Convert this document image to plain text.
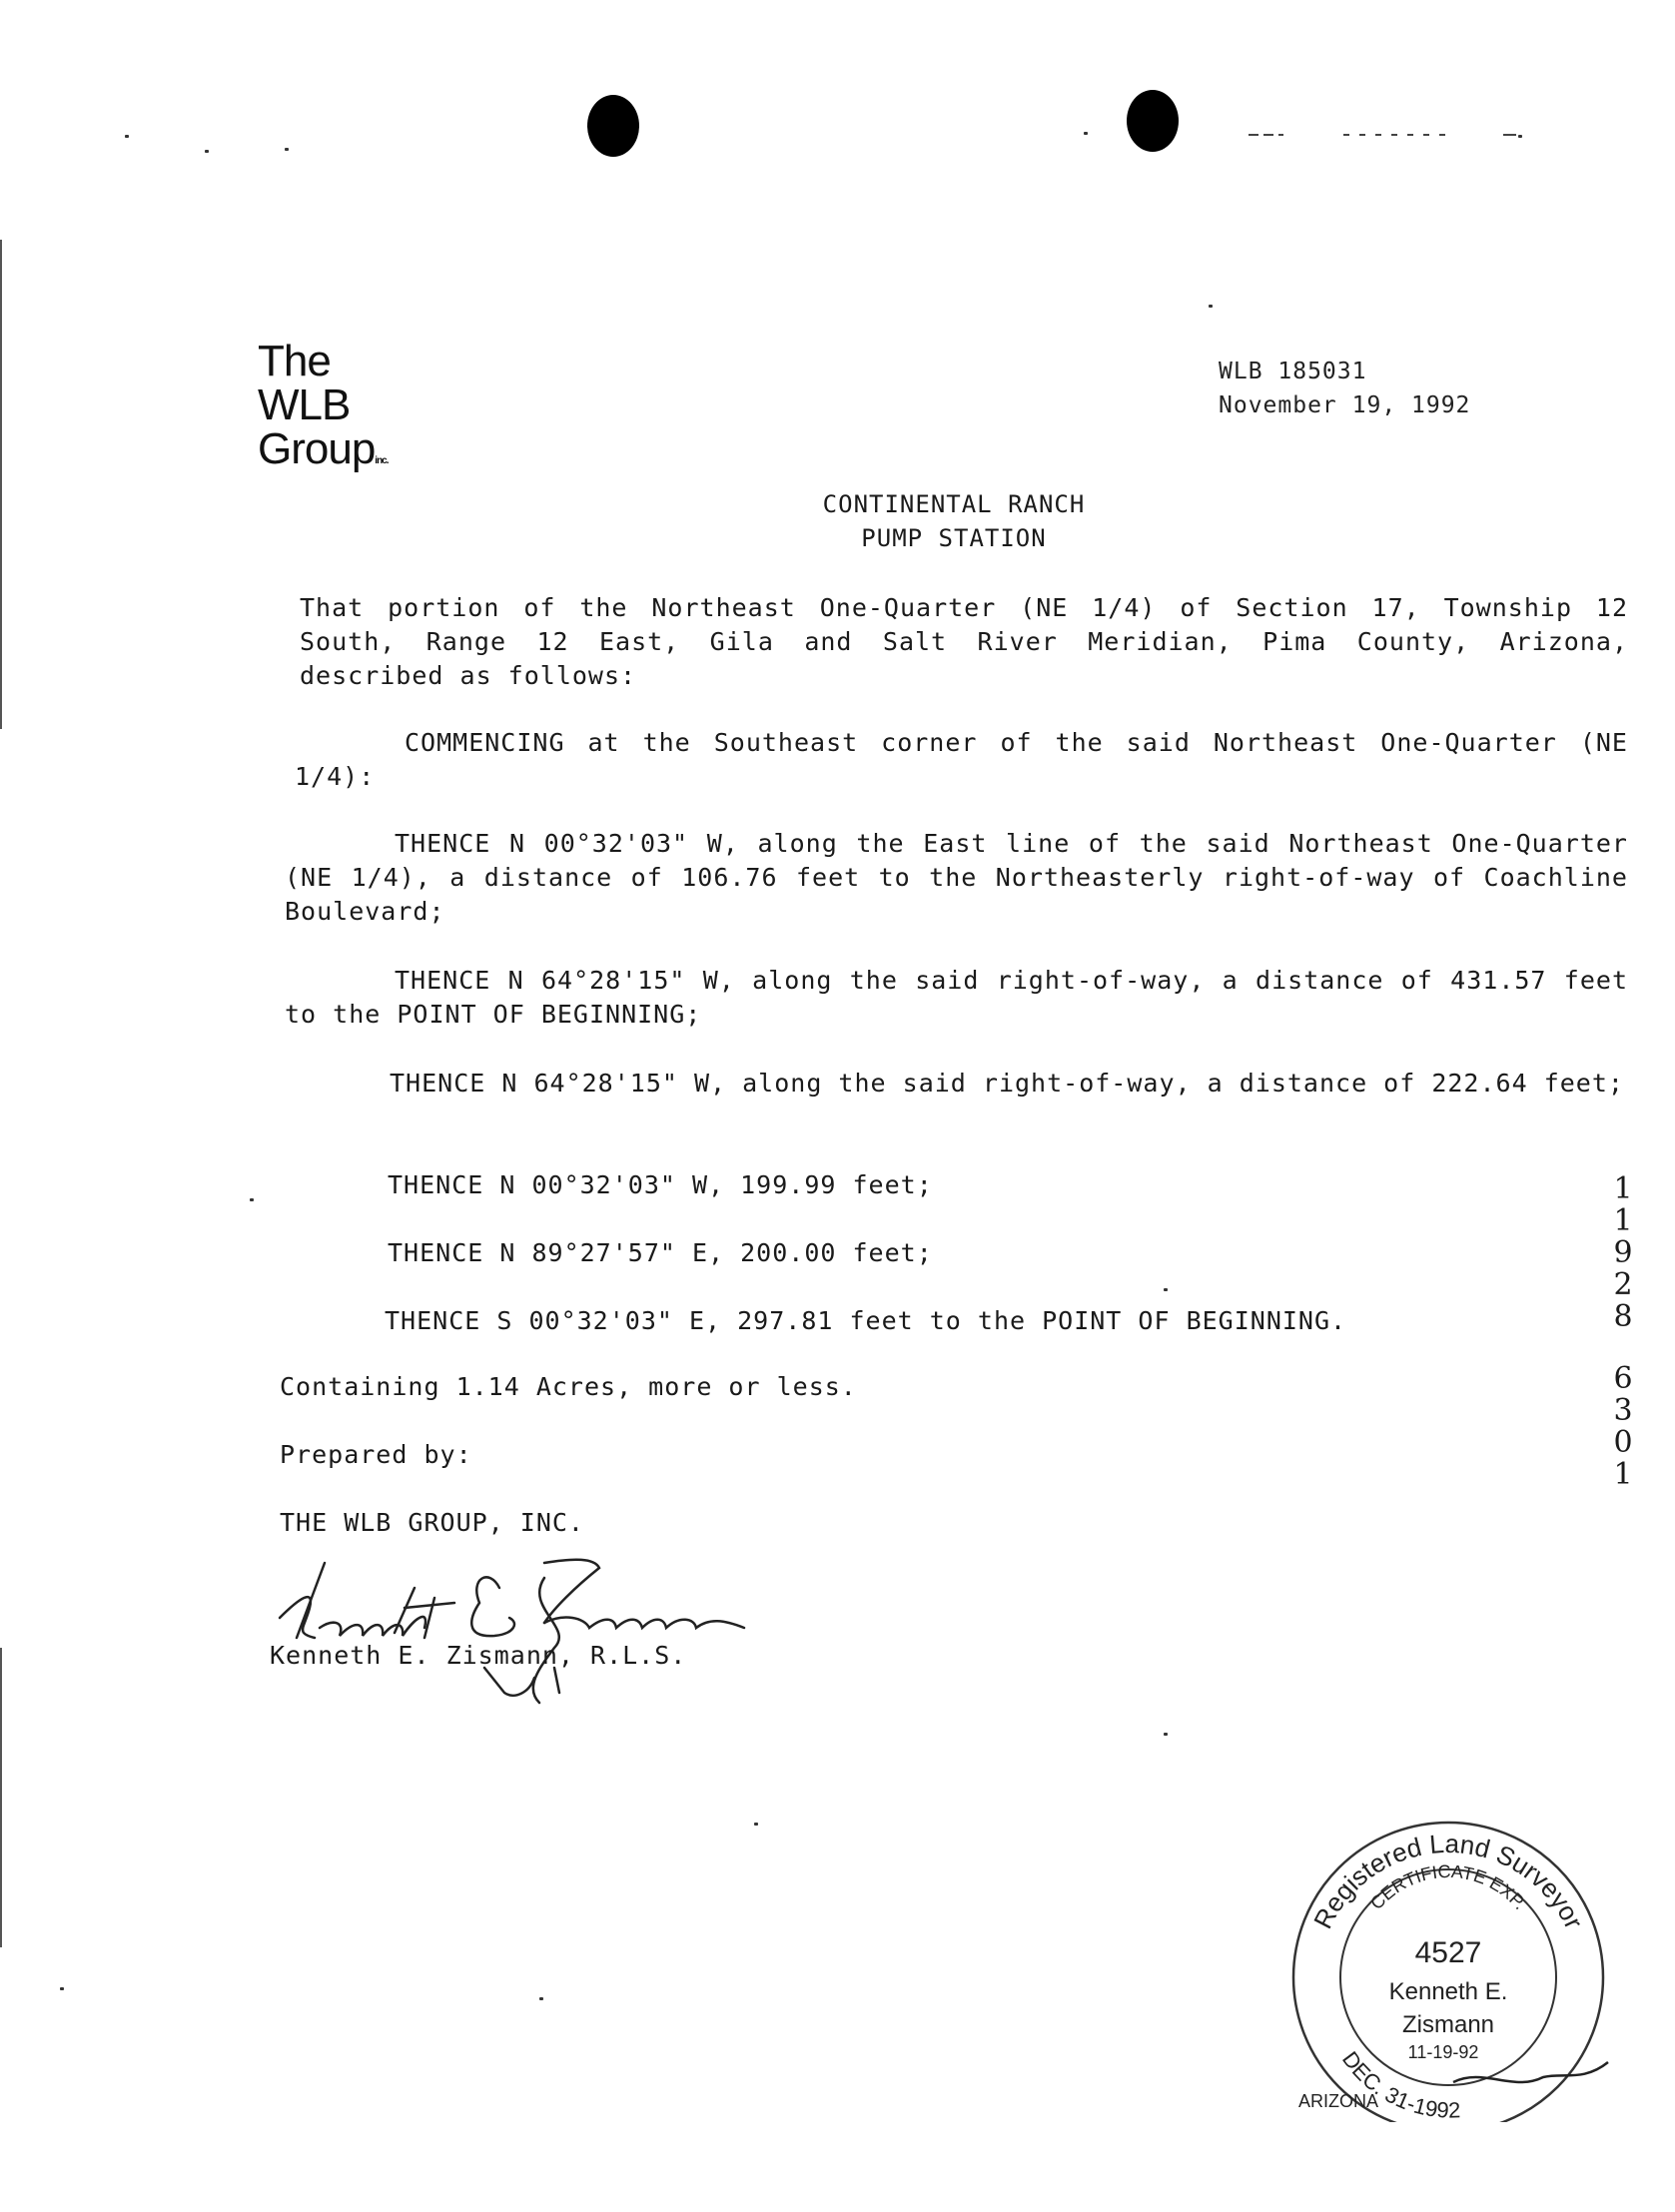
The
WLB
Groupinc.
WLB 185031
November 19, 1992
CONTINENTAL RANCH
PUMP STATION
That portion of the Northeast One-Quarter (NE 1/4) of Section 17, Township 12 South, Range 12 East, Gila and Salt River Meridian, Pima County, Arizona, described as follows:
COMMENCING at the Southeast corner of the said Northeast One-Quarter (NE 1/4):
THENCE N 00°32'03" W, along the East line of the said Northeast One-Quarter (NE 1/4), a distance of 106.76 feet to the Northeasterly right-of-way of Coachline Boulevard;
THENCE N 64°28'15" W, along the said right-of-way, a distance of 431.57 feet to the POINT OF BEGINNING;
THENCE N 64°28'15" W, along the said right-of-way, a distance of 222.64 feet;
THENCE N 00°32'03" W, 199.99 feet;
THENCE N 89°27'57" E, 200.00 feet;
THENCE S 00°32'03" E, 297.81 feet to the POINT OF BEGINNING.
Containing 1.14 Acres, more or less.
Prepared by:
THE WLB GROUP, INC.
Kenneth E. Zismann, R.L.S.
1
1
9
2
8
6
3
0
1
Registered Land Surveyor
CERTIFICATE EXP.
4527
Kenneth E.
Zismann
11-19-92
DEC. 31-1992
ARIZONA
